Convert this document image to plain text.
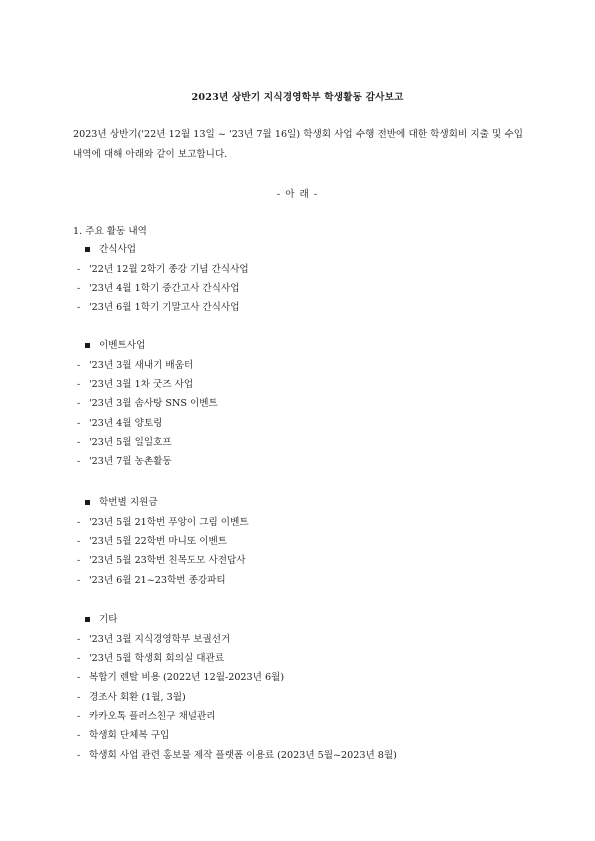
2023년 상반기 지식경영학부 학생활동 감사보고
2023년 상반기('22년 12월 13일 ~ '23년 7월 16일) 학생회 사업 수행 전반에 대한 학생회비 지출 및 수입 내역에 대해 아래와 같이 보고합니다.
- 아 래 -
1. 주요 활동 내역
간식사업
- '22년 12월 2학기 종강 기념 간식사업
- '23년 4월 1학기 중간고사 간식사업
- '23년 6월 1학기 기말고사 간식사업
이벤트사업
- '23년 3월 새내기 배움터
- '23년 3월 1차 굿즈 사업
- '23년 3월 솜사탕 SNS 이벤트
- '23년 4월 양토링
- '23년 5월 일일호프
- '23년 7월 농촌활동
학번별 지원금
- '23년 5월 21학번 푸앙이 그림 이벤트
- '23년 5월 22학번 마니또 이벤트
- '23년 5월 23학번 친목도모 사전답사
- '23년 6월 21~23학번 종강파티
기타
- '23년 3월 지식경영학부 보궐선거
- '23년 5월 학생회 회의실 대관료
- 복합기 렌탈 비용 (2022년 12월-2023년 6월)
- 경조사 회환 (1월, 3월)
- 카카오톡 플러스친구 채널관리
- 학생회 단체복 구입
- 학생회 사업 관련 홍보물 제작 플랫폼 이용료 (2023년 5월~2023년 8월)
